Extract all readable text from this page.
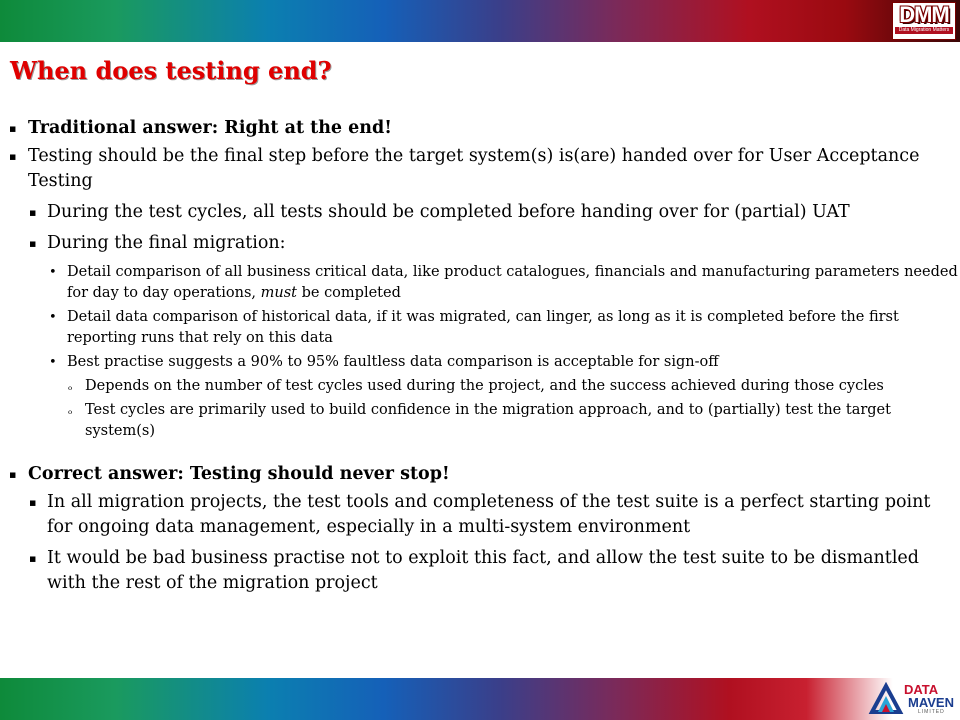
DMM
Data Migration Matters
When does testing end?
▪ Traditional answer: Right at the end!
▪ Testing should be the final step before the target system(s) is(are) handed over for User Acceptance Testing
▪ During the test cycles, all tests should be completed before handing over for (partial) UAT
▪ During the final migration:
• Detail comparison of all business critical data, like product catalogues, financials and manufacturing parameters needed for day to day operations, must be completed
• Detail data comparison of historical data, if it was migrated, can linger, as long as it is completed before the first reporting runs that rely on this data
• Best practise suggests a 90% to 95% faultless data comparison is acceptable for sign-off
ₒ Depends on the number of test cycles used during the project, and the success achieved during those cycles
ₒ Test cycles are primarily used to build confidence in the migration approach, and to (partially) test the target system(s)
▪ Correct answer: Testing should never stop!
▪ In all migration projects, the test tools and completeness of the test suite is a perfect starting point for ongoing data management, especially in a multi-system environment
▪ It would be bad business practise not to exploit this fact, and allow the test suite to be dismantled with the rest of the migration project
DATA
MAVEN
LIMITED
